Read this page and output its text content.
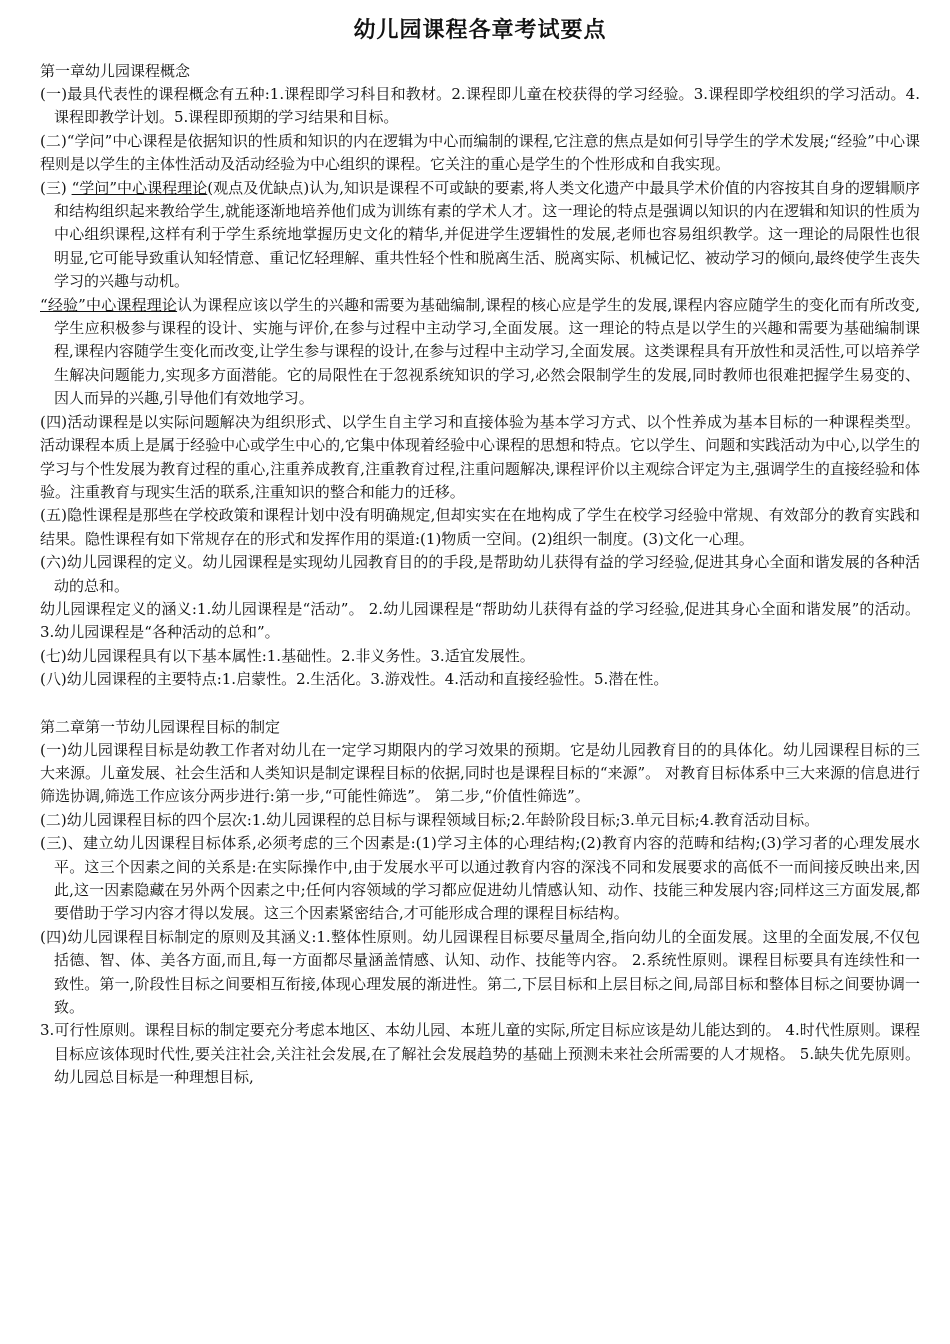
幼儿园课程各章考试要点

第一章幼儿园课程概念

(一)最具代表性的课程概念有五种:1.课程即学习科目和教材。2.课程即儿童在校获得的学习经验。3.课程即学校组织的学习活动。4.课程即教学计划。5.课程即预期的学习结果和目标。

(二)“学问”中心课程是依据知识的性质和知识的内在逻辑为中心而编制的课程,它注意的焦点是如何引导学生的学术发展;“经验”中心课程则是以学生的主体性活动及活动经验为中心组织的课程。它关注的重心是学生的个性形成和自我实现。

(三) “学问”中心课程理论(观点及优缺点)认为,知识是课程不可或缺的要素,将人类文化遗产中最具学术价值的内容按其自身的逻辑顺序和结构组织起来教给学生,就能逐渐地培养他们成为训练有素的学术人才。这一理论的特点是强调以知识的内在逻辑和知识的性质为中心组织课程,这样有利于学生系统地掌握历史文化的精华,并促进学生逻辑性的发展,老师也容易组织教学。这一理论的局限性也很明显,它可能导致重认知轻情意、重记忆轻理解、重共性轻个性和脱离生活、脱离实际、机械记忆、被动学习的倾向,最终使学生丧失学习的兴趣与动机。

“经验”中心课程理论认为课程应该以学生的兴趣和需要为基础编制,课程的核心应是学生的发展,课程内容应随学生的变化而有所改变,学生应积极参与课程的设计、实施与评价,在参与过程中主动学习,全面发展。这一理论的特点是以学生的兴趣和需要为基础编制课程,课程内容随学生变化而改变,让学生参与课程的设计,在参与过程中主动学习,全面发展。这类课程具有开放性和灵活性,可以培养学生解决问题能力,实现多方面潜能。它的局限性在于忽视系统知识的学习,必然会限制学生的发展,同时教师也很难把握学生易变的、因人而异的兴趣,引导他们有效地学习。

(四)活动课程是以实际问题解决为组织形式、以学生自主学习和直接体验为基本学习方式、以个性养成为基本目标的一种课程类型。活动课程本质上是属于经验中心或学生中心的,它集中体现着经验中心课程的思想和特点。它以学生、问题和实践活动为中心,以学生的学习与个性发展为教育过程的重心,注重养成教育,注重教育过程,注重问题解决,课程评价以主观综合评定为主,强调学生的直接经验和体验。注重教育与现实生活的联系,注重知识的整合和能力的迁移。

(五)隐性课程是那些在学校政策和课程计划中没有明确规定,但却实实在在地构成了学生在校学习经验中常规、有效部分的教育实践和结果。隐性课程有如下常规存在的形式和发挥作用的渠道:(1)物质一空间。(2)组织一制度。(3)文化一心理。

(六)幼儿园课程的定义。幼儿园课程是实现幼儿园教育目的的手段,是帮助幼儿获得有益的学习经验,促进其身心全面和谐发展的各种活动的总和。

幼儿园课程定义的涵义:1.幼儿园课程是“活动”。 2.幼儿园课程是“帮助幼儿获得有益的学习经验,促进其身心全面和谐发展”的活动。3.幼儿园课程是“各种活动的总和”。

(七)幼儿园课程具有以下基本属性:1.基础性。2.非义务性。3.适宜发展性。

(八)幼儿园课程的主要特点:1.启蒙性。2.生活化。3.游戏性。4.活动和直接经验性。5.潜在性。

第二章第一节幼儿园课程目标的制定

(一)幼儿园课程目标是幼教工作者对幼儿在一定学习期限内的学习效果的预期。它是幼儿园教育目的的具体化。幼儿园课程目标的三大来源。儿童发展、社会生活和人类知识是制定课程目标的依据,同时也是课程目标的“来源”。 对教育目标体系中三大来源的信息进行筛选协调,筛选工作应该分两步进行:第一步,“可能性筛选”。 第二步,“价值性筛选”。

(二)幼儿园课程目标的四个层次:1.幼儿园课程的总目标与课程领域目标;2.年龄阶段目标;3.单元目标;4.教育活动目标。

(三)、建立幼儿因课程目标体系,必须考虑的三个因素是:(1)学习主体的心理结构;(2)教育内容的范畴和结构;(3)学习者的心理发展水平。这三个因素之间的关系是:在实际操作中,由于发展水平可以通过教育内容的深浅不同和发展要求的高低不一而间接反映出来,因此,这一因素隐藏在另外两个因素之中;任何内容领域的学习都应促进幼儿情感认知、动作、技能三种发展内容;同样这三方面发展,都要借助于学习内容才得以发展。这三个因素紧密结合,才可能形成合理的课程目标结构。

(四)幼儿园课程目标制定的原则及其涵义:1.整体性原则。幼儿园课程目标要尽量周全,指向幼儿的全面发展。这里的全面发展,不仅包括德、智、体、美各方面,而且,每一方面都尽量涵盖情感、认知、动作、技能等内容。 2.系统性原则。课程目标要具有连续性和一致性。第一,阶段性目标之间要相互衔接,体现心理发展的渐进性。第二,下层目标和上层目标之间,局部目标和整体目标之间要协调一致。

3.可行性原则。课程目标的制定要充分考虑本地区、本幼儿园、本班儿童的实际,所定目标应该是幼儿能达到的。 4.时代性原则。课程目标应该体现时代性,要关注社会,关注社会发展,在了解社会发展趋势的基础上预测未来社会所需要的人才规格。 5.缺失优先原则。幼儿园总目标是一种理想目标,
